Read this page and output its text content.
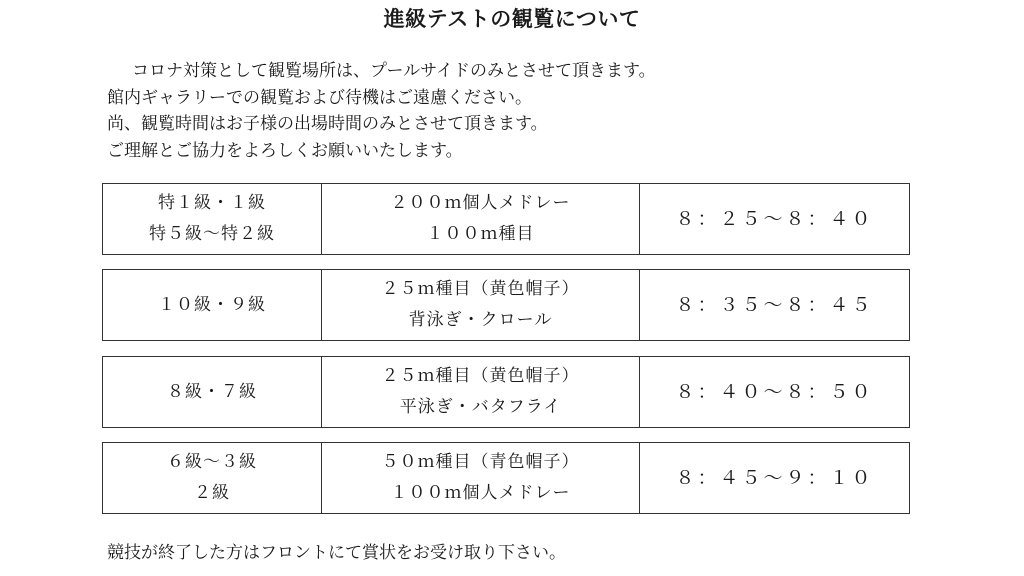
進級テストの観覧について

コロナ対策として観覧場所は、プールサイドのみとさせて頂きます。

館内ギャラリーでの観覧および待機はご遠慮ください。

尚、観覧時間はお子様の出場時間のみとさせて頂きます。

ご理解とご協力をよろしくお願いいたします。

特１級・１級
特５級～特２級
２００ｍ個人メドレー
１００ｍ種目
８：２５～８：４０
１０級・９級
２５ｍ種目（黄色帽子）
背泳ぎ・クロール
８：３５～８：４５
８級・７級
２５ｍ種目（黄色帽子）
平泳ぎ・バタフライ
８：４０～８：５０
６級～３級
２級
５０ｍ種目（青色帽子）
１００ｍ個人メドレー
８：４５～９：１０
競技が終了した方はフロントにて賞状をお受け取り下さい。
